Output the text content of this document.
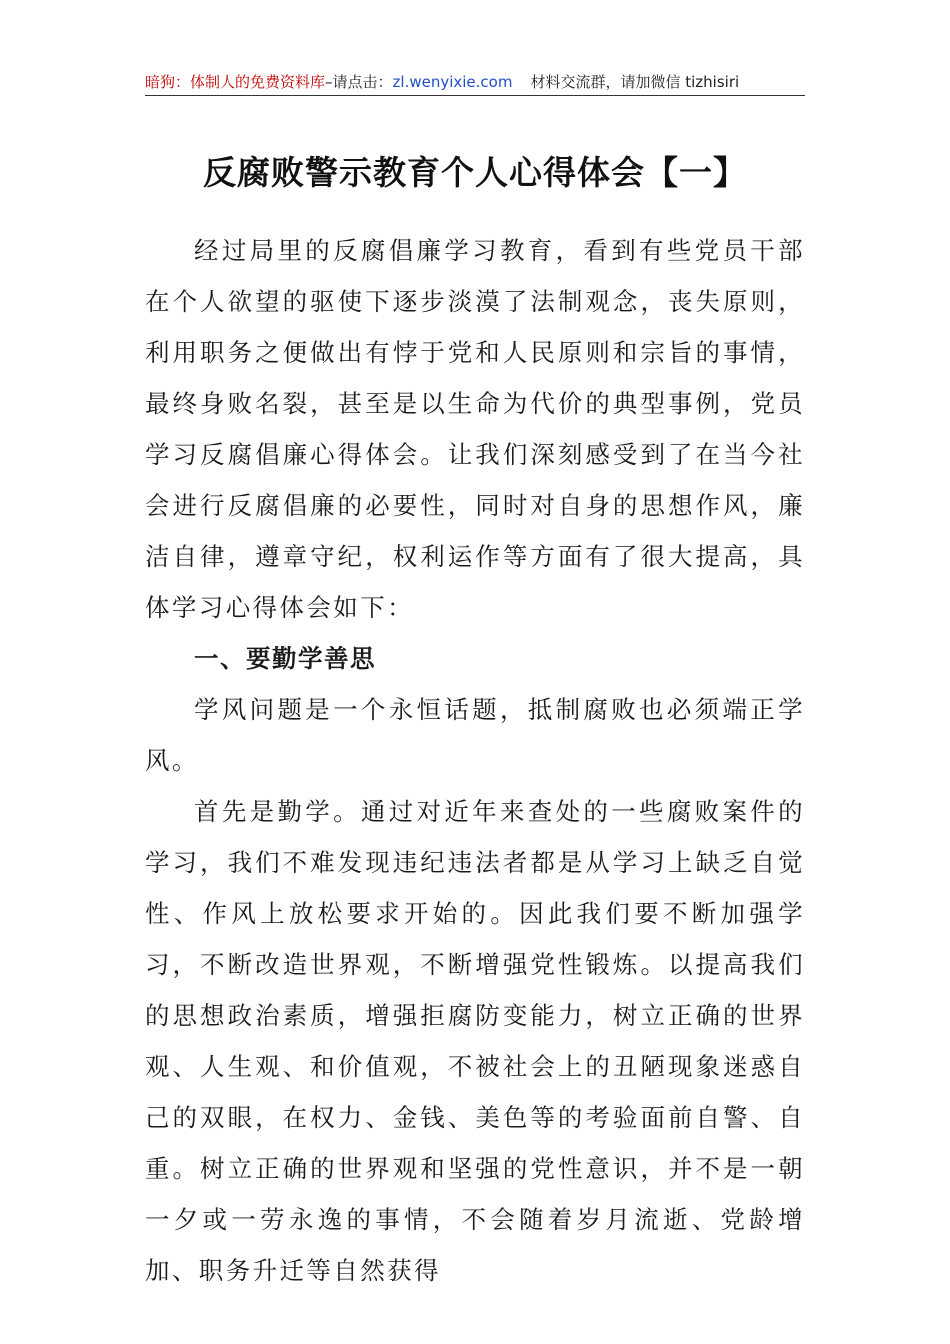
暗狗：体制人的免费资料库–请点击：zl.wenyixie.com 材料交流群，请加微信 tizhisiri
反腐败警示教育个人心得体会【一】

经过局里的反腐倡廉学习教育，看到有些党员干部在个人欲望的驱使下逐步淡漠了法制观念，丧失原则，利用职务之便做出有悖于党和人民原则和宗旨的事情，最终身败名裂，甚至是以生命为代价的典型事例，党员学习反腐倡廉心得体会。让我们深刻感受到了在当今社会进行反腐倡廉的必要性，同时对自身的思想作风，廉洁自律，遵章守纪，权利运作等方面有了很大提高，具体学习心得体会如下：

一、要勤学善思

学风问题是一个永恒话题，抵制腐败也必须端正学风。

首先是勤学。通过对近年来查处的一些腐败案件的学习，我们不难发现违纪违法者都是从学习上缺乏自觉性、作风上放松要求开始的。因此我们要不断加强学习，不断改造世界观，不断增强党性锻炼。以提高我们的思想政治素质，增强拒腐防变能力，树立正确的世界观、人生观、和价值观，不被社会上的丑陋现象迷惑自己的双眼，在权力、金钱、美色等的考验面前自警、自重。树立正确的世界观和坚强的党性意识，并不是一朝一夕或一劳永逸的事情，不会随着岁月流逝、党龄增加、职务升迁等自然获得
